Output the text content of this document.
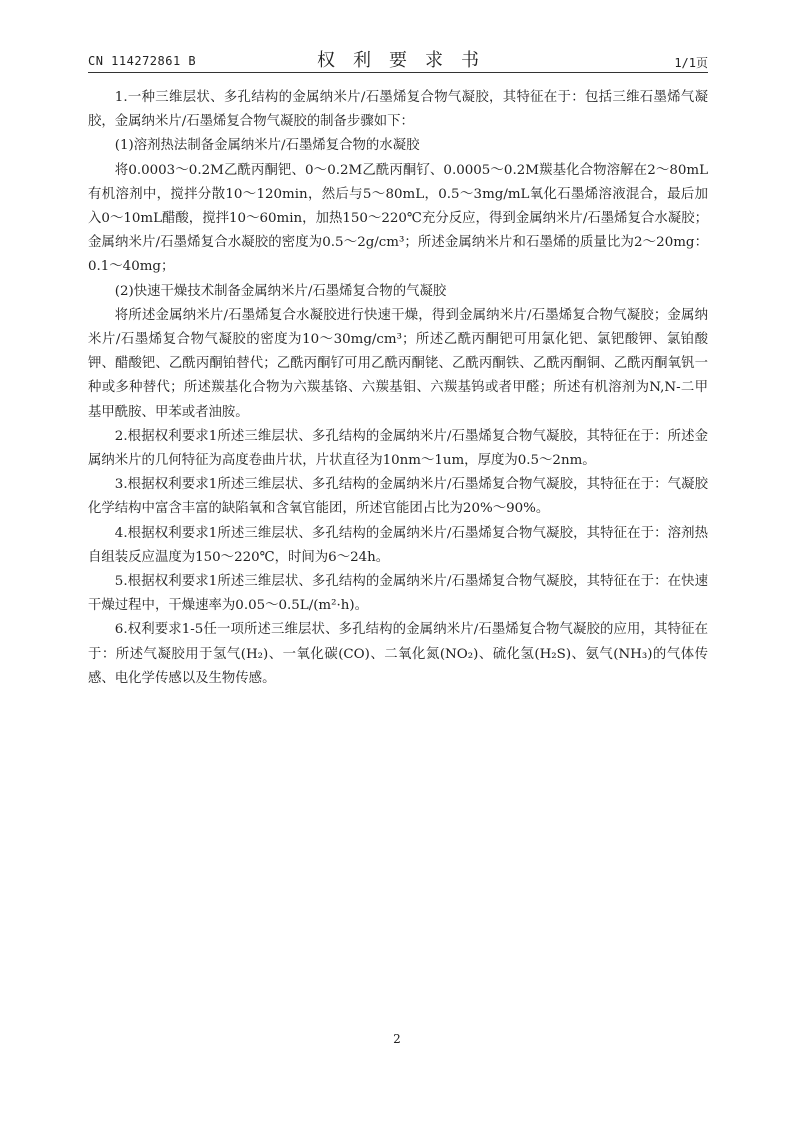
CN 114272861 B	权利要求书	1/1页

1.一种三维层状、多孔结构的金属纳米片/石墨烯复合物气凝胶，其特征在于：包括三维石墨烯气凝胶，金属纳米片/石墨烯复合物气凝胶的制备步骤如下：

(1)溶剂热法制备金属纳米片/石墨烯复合物的水凝胶

将0.0003～0.2M乙酰丙酮钯、0～0.2M乙酰丙酮钌、0.0005～0.2M羰基化合物溶解在2～80mL有机溶剂中，搅拌分散10～120min，然后与5～80mL，0.5～3mg/mL氧化石墨烯溶液混合，最后加入0～10mL醋酸，搅拌10～60min，加热150～220℃充分反应，得到金属纳米片/石墨烯复合水凝胶；金属纳米片/石墨烯复合水凝胶的密度为0.5～2g/cm³；所述金属纳米片和石墨烯的质量比为2～20mg：0.1～40mg；

(2)快速干燥技术制备金属纳米片/石墨烯复合物的气凝胶

将所述金属纳米片/石墨烯复合水凝胶进行快速干燥，得到金属纳米片/石墨烯复合物气凝胶；金属纳米片/石墨烯复合物气凝胶的密度为10～30mg/cm³；所述乙酰丙酮钯可用氯化钯、氯钯酸钾、氯铂酸钾、醋酸钯、乙酰丙酮铂替代；乙酰丙酮钌可用乙酰丙酮铑、乙酰丙酮铁、乙酰丙酮铜、乙酰丙酮氧钒一种或多种替代；所述羰基化合物为六羰基铬、六羰基钼、六羰基钨或者甲醛；所述有机溶剂为N,N-二甲基甲酰胺、甲苯或者油胺。

2.根据权利要求1所述三维层状、多孔结构的金属纳米片/石墨烯复合物气凝胶，其特征在于：所述金属纳米片的几何特征为高度卷曲片状，片状直径为10nm～1um，厚度为0.5～2nm。

3.根据权利要求1所述三维层状、多孔结构的金属纳米片/石墨烯复合物气凝胶，其特征在于：气凝胶化学结构中富含丰富的缺陷氧和含氧官能团，所述官能团占比为20%～90%。

4.根据权利要求1所述三维层状、多孔结构的金属纳米片/石墨烯复合物气凝胶，其特征在于：溶剂热自组装反应温度为150～220℃，时间为6～24h。

5.根据权利要求1所述三维层状、多孔结构的金属纳米片/石墨烯复合物气凝胶，其特征在于：在快速干燥过程中，干燥速率为0.05～0.5L/(m²·h)。

6.权利要求1-5任一项所述三维层状、多孔结构的金属纳米片/石墨烯复合物气凝胶的应用，其特征在于：所述气凝胶用于氢气(H₂)、一氧化碳(CO)、二氧化氮(NO₂)、硫化氢(H₂S)、氨气(NH₃)的气体传感、电化学传感以及生物传感。

2
